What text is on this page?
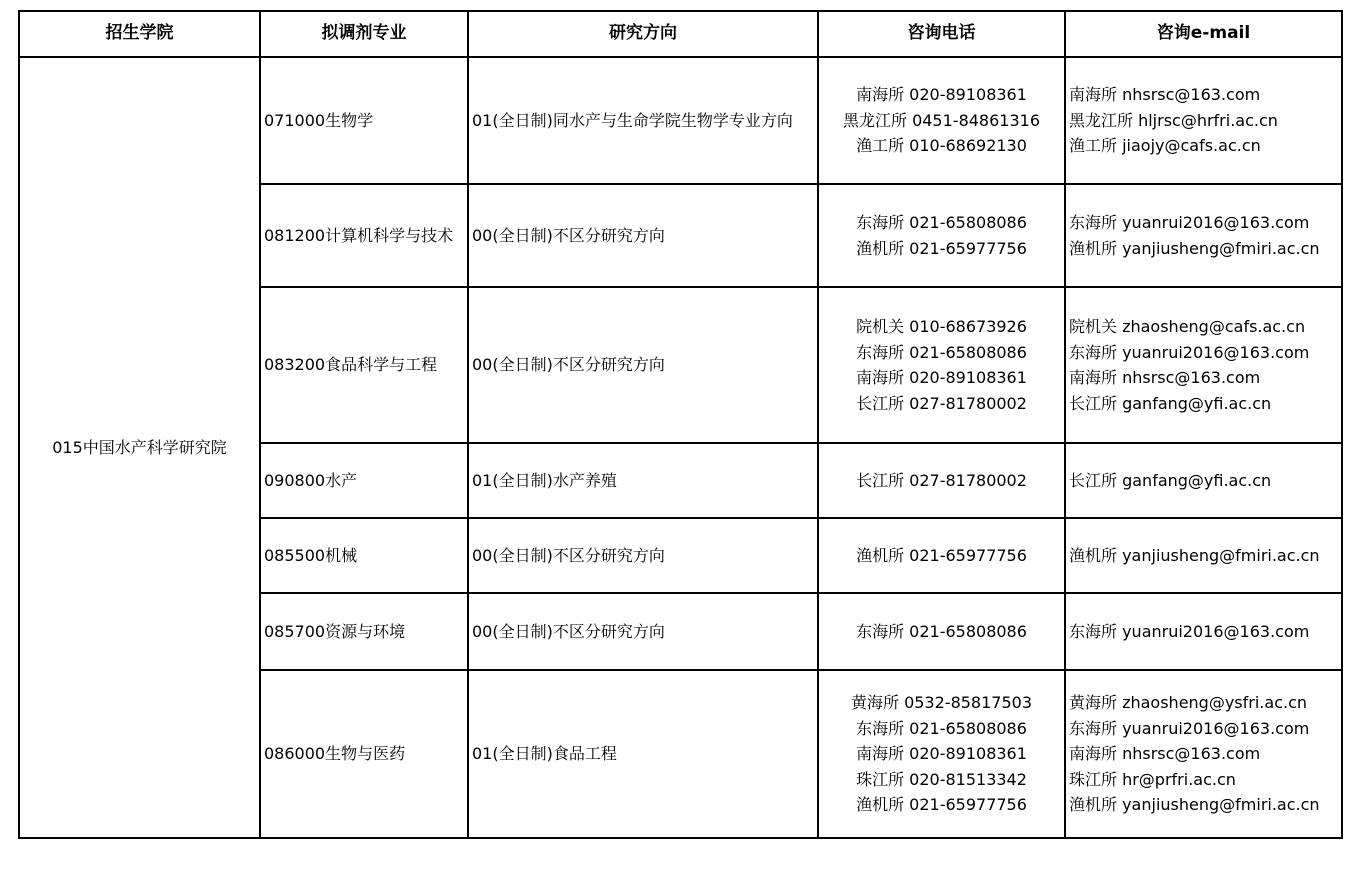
招生学院	拟调剂专业	研究方向	咨询电话	咨询e-mail
015中国水产科学研究院	071000生物学	01(全日制)同水产与生命学院生物学专业方向	南海所 020-89108361
黑龙江所 0451-84861316
渔工所 010-68692130	南海所 nhsrsc@163.com
黑龙江所 hljrsc@hrfri.ac.cn
渔工所 jiaojy@cafs.ac.cn

	081200计算机科学与技术	00(全日制)不区分研究方向	东海所 021-65808086
渔机所 021-65977756	东海所 yuanrui2016@163.com
渔机所 yanjiusheng@fmiri.ac.cn

	083200食品科学与工程	00(全日制)不区分研究方向	院机关 010-68673926
东海所 021-65808086
南海所 020-89108361
长江所 027-81780002	院机关 zhaosheng@cafs.ac.cn
东海所 yuanrui2016@163.com
南海所 nhsrsc@163.com
长江所 ganfang@yfi.ac.cn

	090800水产	01(全日制)水产养殖	长江所 027-81780002	长江所 ganfang@yfi.ac.cn

	085500机械	00(全日制)不区分研究方向	渔机所 021-65977756	渔机所 yanjiusheng@fmiri.ac.cn

	085700资源与环境	00(全日制)不区分研究方向	东海所 021-65808086	东海所 yuanrui2016@163.com

	086000生物与医药	01(全日制)食品工程	黄海所 0532-85817503
东海所 021-65808086
南海所 020-89108361
珠江所 020-81513342
渔机所 021-65977756	黄海所 zhaosheng@ysfri.ac.cn
东海所 yuanrui2016@163.com
南海所 nhsrsc@163.com
珠江所 hr@prfri.ac.cn
渔机所 yanjiusheng@fmiri.ac.cn
